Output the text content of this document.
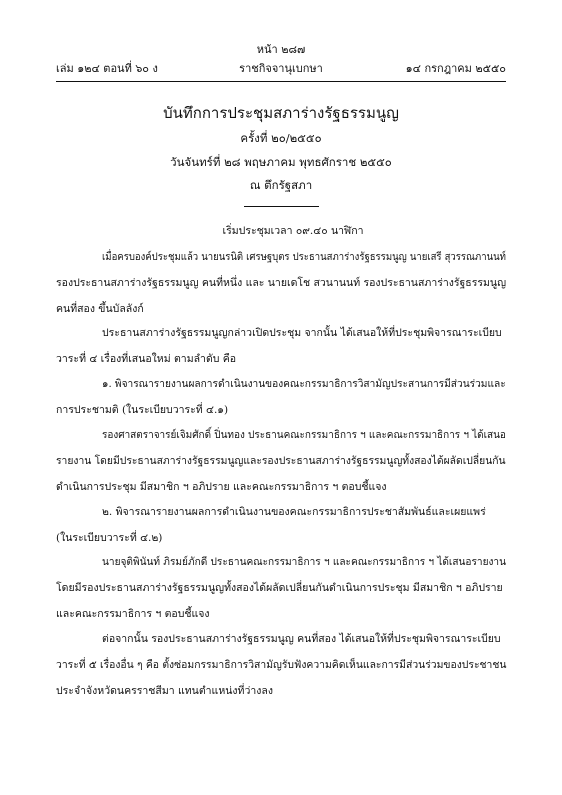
หน้า ๒๘๗
เล่ม ๑๒๔ ตอนที่ ๖๐ ง	ราชกิจจานุเบกษา	๑๔ กรกฎาคม ๒๕๕๐
บันทึกการประชุมสภาร่างรัฐธรรมนูญ
ครั้งที่ ๒๐/๒๕๕๐
วันจันทร์ที่ ๒๘ พฤษภาคม พุทธศักราช ๒๕๕๐
ณ ตึกรัฐสภา
เริ่มประชุมเวลา ๐๙.๔๐ นาฬิกา
เมื่อครบองค์ประชุมแล้ว นายนรนิติ เศรษฐบุตร ประธานสภาร่างรัฐธรรมนูญ นายเสรี สุวรรณภานนท์
รองประธานสภาร่างรัฐธรรมนูญ คนที่หนึ่ง และ นายเดโช สวนานนท์ รองประธานสภาร่างรัฐธรรมนูญ
คนที่สอง ขึ้นบัลลังก์
ประธานสภาร่างรัฐธรรมนูญกล่าวเปิดประชุม จากนั้น ได้เสนอให้ที่ประชุมพิจารณาระเบียบ
วาระที่ ๔ เรื่องที่เสนอใหม่ ตามลำดับ คือ
๑. พิจารณารายงานผลการดำเนินงานของคณะกรรมาธิการวิสามัญประสานการมีส่วนร่วมและ
การประชามติ (ในระเบียบวาระที่ ๔.๑)
รองศาสตราจารย์เจิมศักดิ์ ปิ่นทอง ประธานคณะกรรมาธิการ ฯ และคณะกรรมาธิการ ฯ ได้เสนอ
รายงาน โดยมีประธานสภาร่างรัฐธรรมนูญและรองประธานสภาร่างรัฐธรรมนูญทั้งสองได้ผลัดเปลี่ยนกัน
ดำเนินการประชุม มีสมาชิก ฯ อภิปราย และคณะกรรมาธิการ ฯ ตอบชี้แจง
๒. พิจารณารายงานผลการดำเนินงานของคณะกรรมาธิการประชาสัมพันธ์และเผยแพร่
(ในระเบียบวาระที่ ๔.๒)
นายจุติพินันท์ ภิรมย์ภักดี ประธานคณะกรรมาธิการ ฯ และคณะกรรมาธิการ ฯ ได้เสนอรายงาน
โดยมีรองประธานสภาร่างรัฐธรรมนูญทั้งสองได้ผลัดเปลี่ยนกันดำเนินการประชุม มีสมาชิก ฯ อภิปราย
และคณะกรรมาธิการ ฯ ตอบชี้แจง
ต่อจากนั้น รองประธานสภาร่างรัฐธรรมนูญ คนที่สอง ได้เสนอให้ที่ประชุมพิจารณาระเบียบ
วาระที่ ๕ เรื่องอื่น ๆ คือ ตั้งซ่อมกรรมาธิการวิสามัญรับฟังความคิดเห็นและการมีส่วนร่วมของประชาชน
ประจำจังหวัดนครราชสีมา แทนตำแหน่งที่ว่างลง
